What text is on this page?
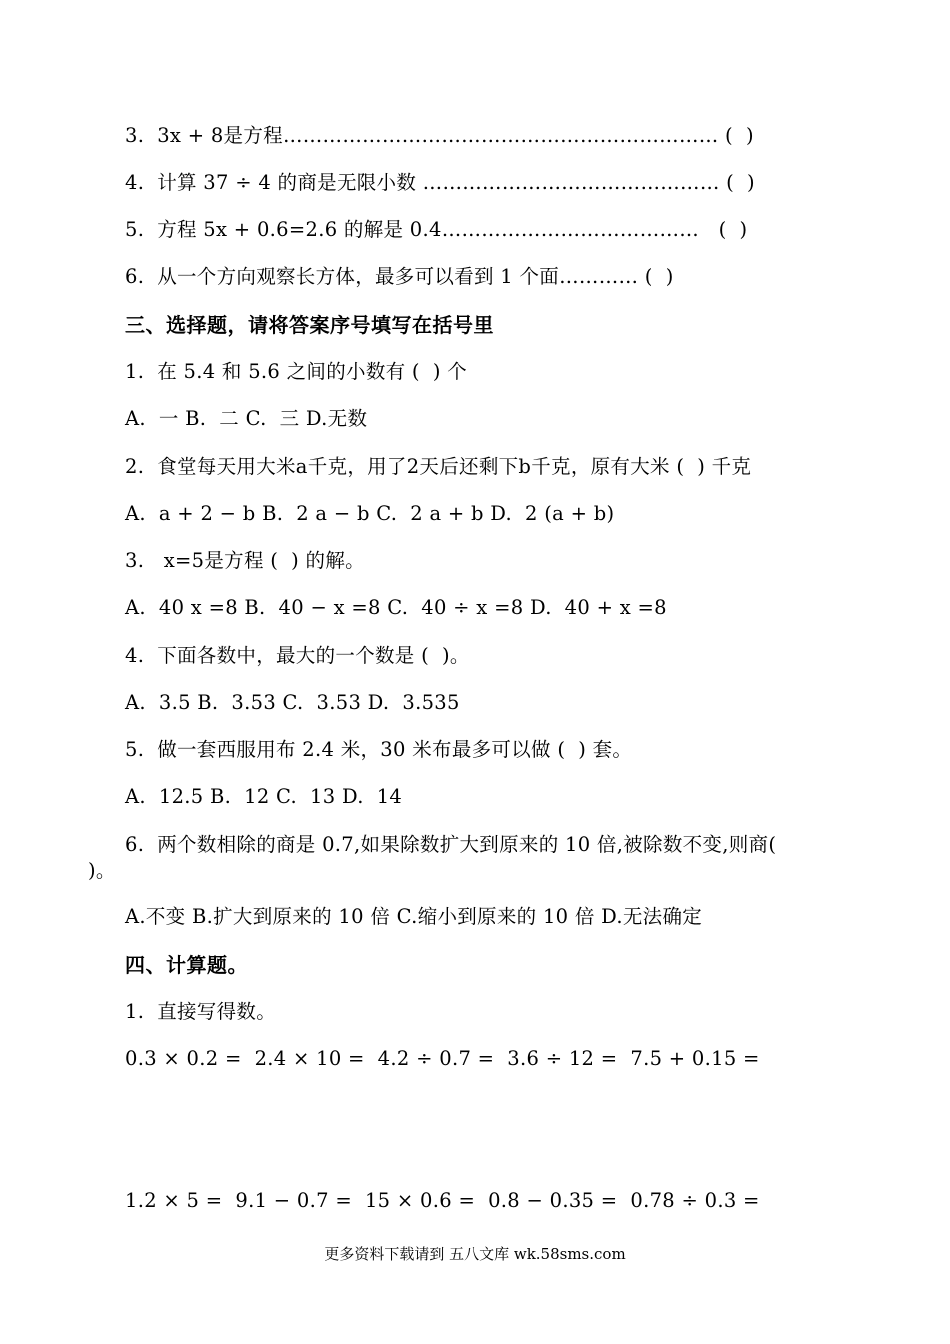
3.  3x + 8是方程………………………………………………………… (  )
4.  计算 37 ÷ 4 的商是无限小数 ……………………………………… (  )
5.  方程 5x + 0.6=2.6 的解是 0.4…………………………………   (  )
6.  从一个方向观察长方体，最多可以看到 1 个面………… (  )
三、选择题，请将答案序号填写在括号里
1.  在 5.4 和 5.6 之间的小数有 (  ) 个
A.  一 B.  二 C.  三 D.无数
2.  食堂每天用大米a千克，用了2天后还剩下b千克，原有大米 (  ) 千克
A.  a + 2 − b B.  2 a − b C.  2 a + b D.  2 (a + b)
3.   x=5是方程 (  ) 的解。
A.  40 x =8 B.  40 − x =8 C.  40 ÷ x =8 D.  40 + x =8
4.  下面各数中，最大的一个数是 (  )。
A.  3.5 B.  3.53 C.  3.53 D.  3.535
5.  做一套西服用布 2.4 米，30 米布最多可以做 (  ) 套。
A.  12.5 B.  12 C.  13 D.  14
6.  两个数相除的商是 0.7,如果除数扩大到原来的 10 倍,被除数不变,则商(
)。
A.不变 B.扩大到原来的 10 倍 C.缩小到原来的 10 倍 D.无法确定
四、计算题。
1.  直接写得数。
0.3 × 0.2 =  2.4 × 10 =  4.2 ÷ 0.7 =  3.6 ÷ 12 =  7.5 + 0.15 =
1.2 × 5 =  9.1 − 0.7 =  15 × 0.6 =  0.8 − 0.35 =  0.78 ÷ 0.3 =
更多资料下载请到 五八文库 wk.58sms.com
